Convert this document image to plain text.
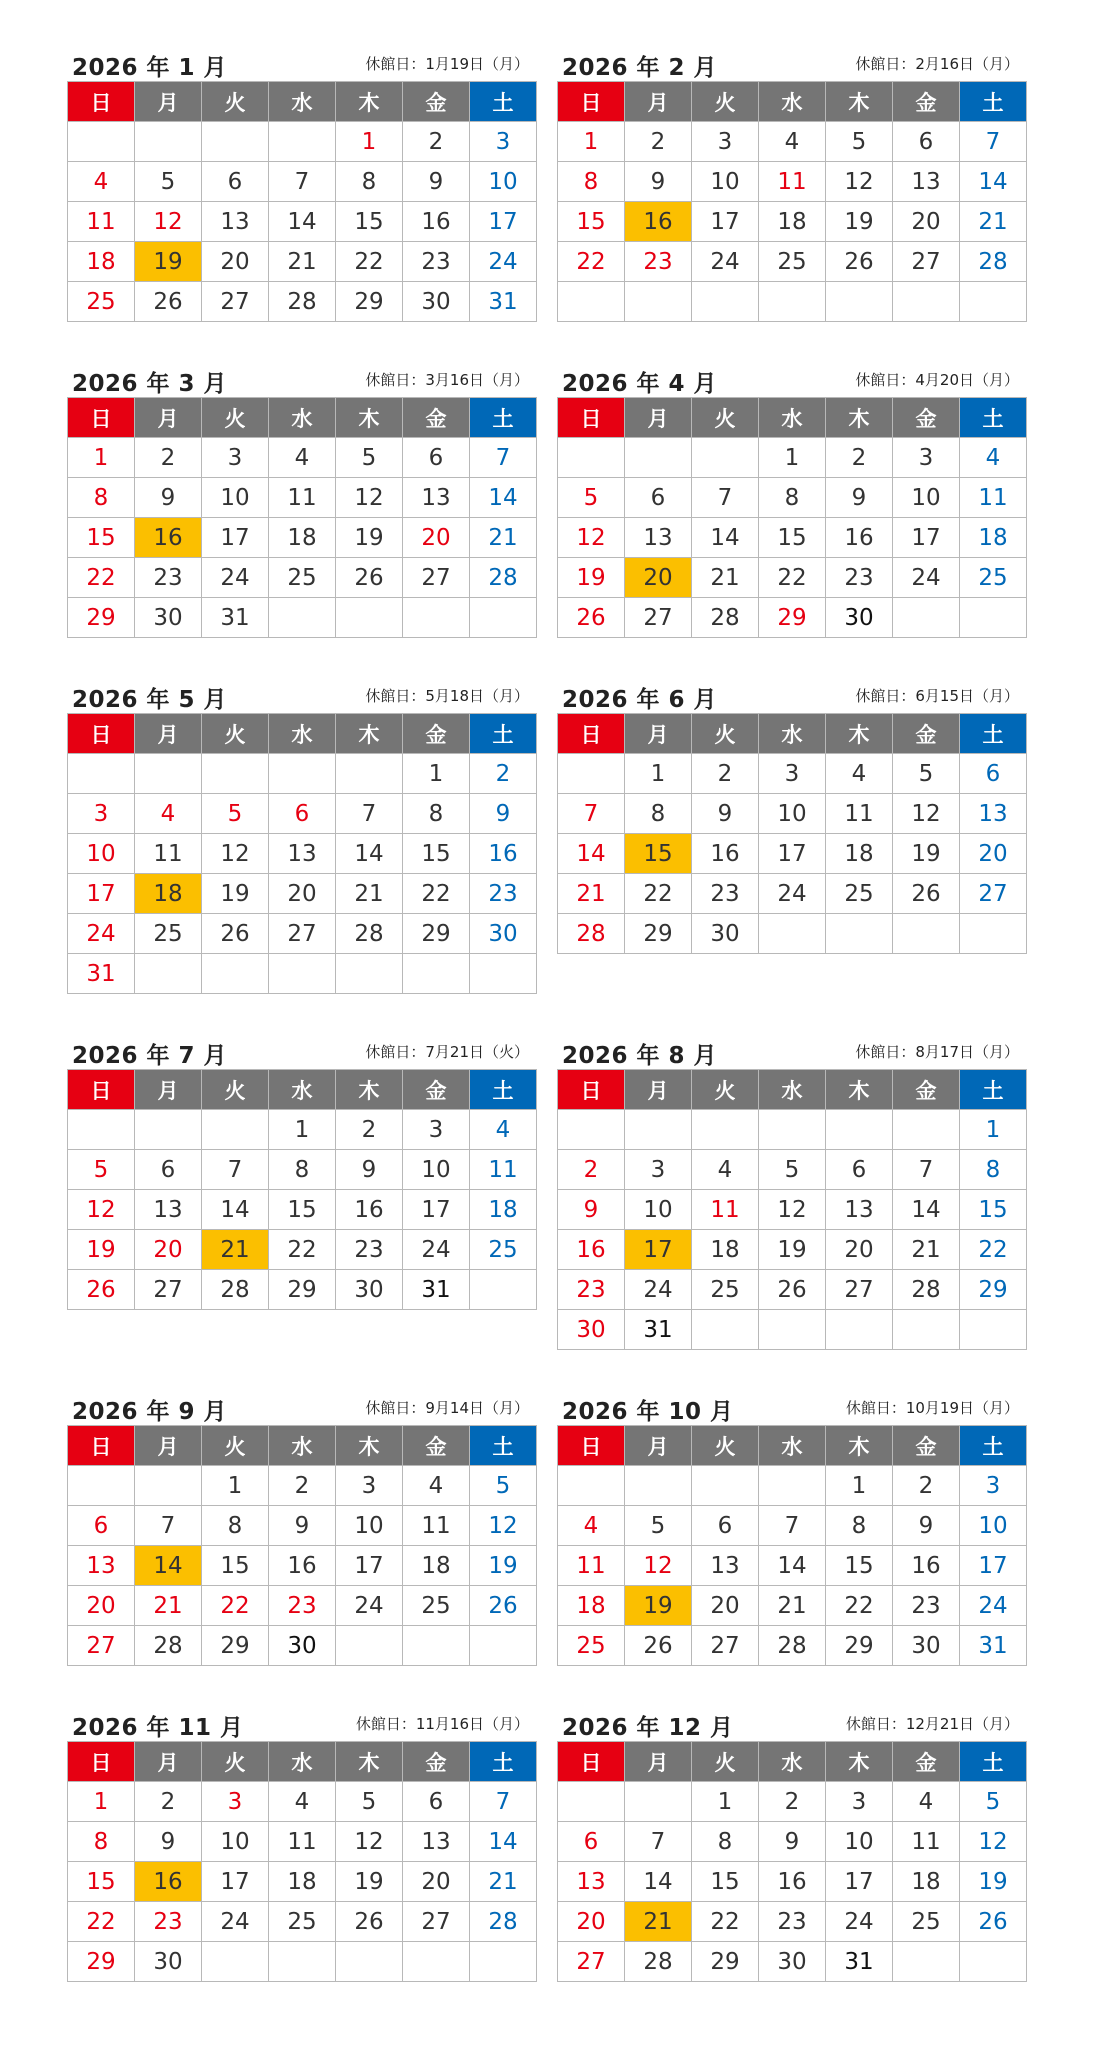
2026 年 1 月	休館日：1月19日（月）
日	月	火	水	木	金	土
				1	2	3
4	5	6	7	8	9	10
11	12	13	14	15	16	17
18	19	20	21	22	23	24
25	26	27	28	29	30	31
2026 年 2 月	休館日：2月16日（月）
日	月	火	水	木	金	土
1	2	3	4	5	6	7
8	9	10	11	12	13	14
15	16	17	18	19	20	21
22	23	24	25	26	27	28

2026 年 3 月	休館日：3月16日（月）
日	月	火	水	木	金	土
1	2	3	4	5	6	7
8	9	10	11	12	13	14
15	16	17	18	19	20	21
22	23	24	25	26	27	28
29	30	31				
2026 年 4 月	休館日：4月20日（月）
日	月	火	水	木	金	土
			1	2	3	4
5	6	7	8	9	10	11
12	13	14	15	16	17	18
19	20	21	22	23	24	25
26	27	28	29	30		
2026 年 5 月	休館日：5月18日（月）
日	月	火	水	木	金	土
					1	2
3	4	5	6	7	8	9
10	11	12	13	14	15	16
17	18	19	20	21	22	23
24	25	26	27	28	29	30
31						
2026 年 6 月	休館日：6月15日（月）
日	月	火	水	木	金	土
	1	2	3	4	5	6
7	8	9	10	11	12	13
14	15	16	17	18	19	20
21	22	23	24	25	26	27
28	29	30				
2026 年 7 月	休館日：7月21日（火）
日	月	火	水	木	金	土
			1	2	3	4
5	6	7	8	9	10	11
12	13	14	15	16	17	18
19	20	21	22	23	24	25
26	27	28	29	30	31	
2026 年 8 月	休館日：8月17日（月）
日	月	火	水	木	金	土
						1
2	3	4	5	6	7	8
9	10	11	12	13	14	15
16	17	18	19	20	21	22
23	24	25	26	27	28	29
30	31					
2026 年 9 月	休館日：9月14日（月）
日	月	火	水	木	金	土
		1	2	3	4	5
6	7	8	9	10	11	12
13	14	15	16	17	18	19
20	21	22	23	24	25	26
27	28	29	30			
2026 年 10 月	休館日：10月19日（月）
日	月	火	水	木	金	土
				1	2	3
4	5	6	7	8	9	10
11	12	13	14	15	16	17
18	19	20	21	22	23	24
25	26	27	28	29	30	31
2026 年 11 月	休館日：11月16日（月）
日	月	火	水	木	金	土
1	2	3	4	5	6	7
8	9	10	11	12	13	14
15	16	17	18	19	20	21
22	23	24	25	26	27	28
29	30					
2026 年 12 月	休館日：12月21日（月）
日	月	火	水	木	金	土
		1	2	3	4	5
6	7	8	9	10	11	12
13	14	15	16	17	18	19
20	21	22	23	24	25	26
27	28	29	30	31		
